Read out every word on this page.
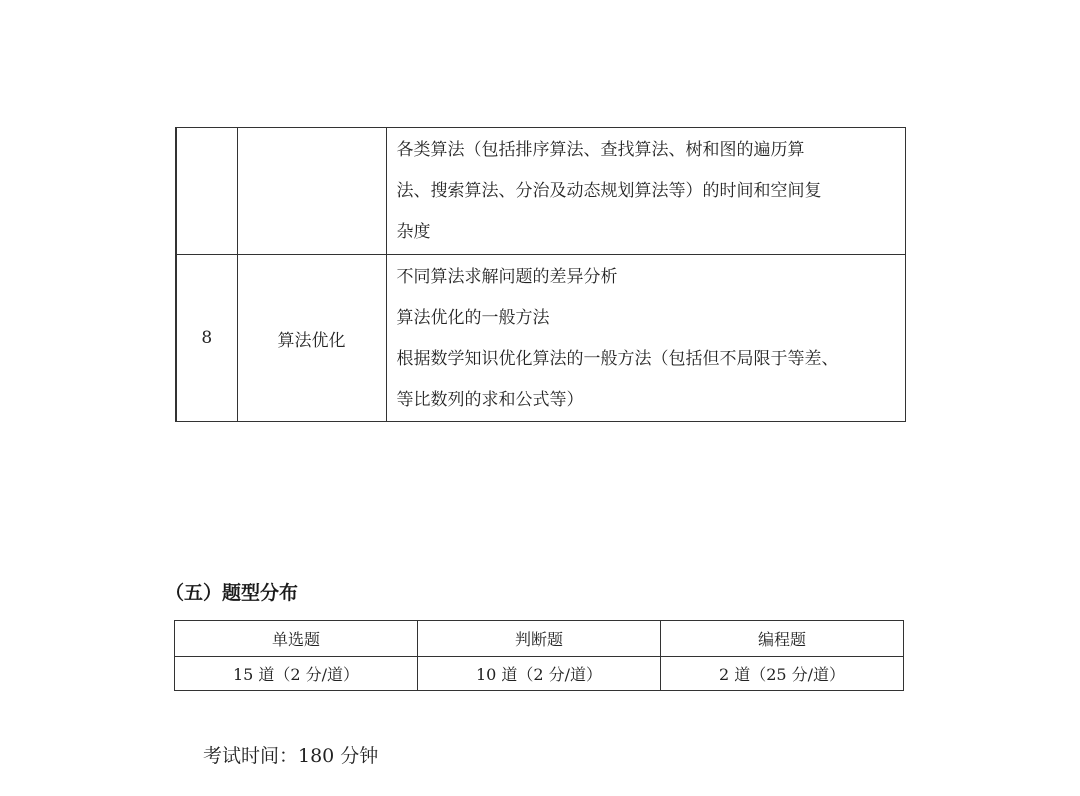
		各类算法（包括排序算法、查找算法、树和图的遍历算
法、搜索算法、分治及动态规划算法等）的时间和空间复
杂度

8	算法优化	不同算法求解问题的差异分析
算法优化的一般方法
根据数学知识优化算法的一般方法（包括但不局限于等差、
等比数列的求和公式等）
（五）题型分布
单选题	判断题	编程题
15 道（2 分/道）	10 道（2 分/道）	2 道（25 分/道）

考试时间：180 分钟
